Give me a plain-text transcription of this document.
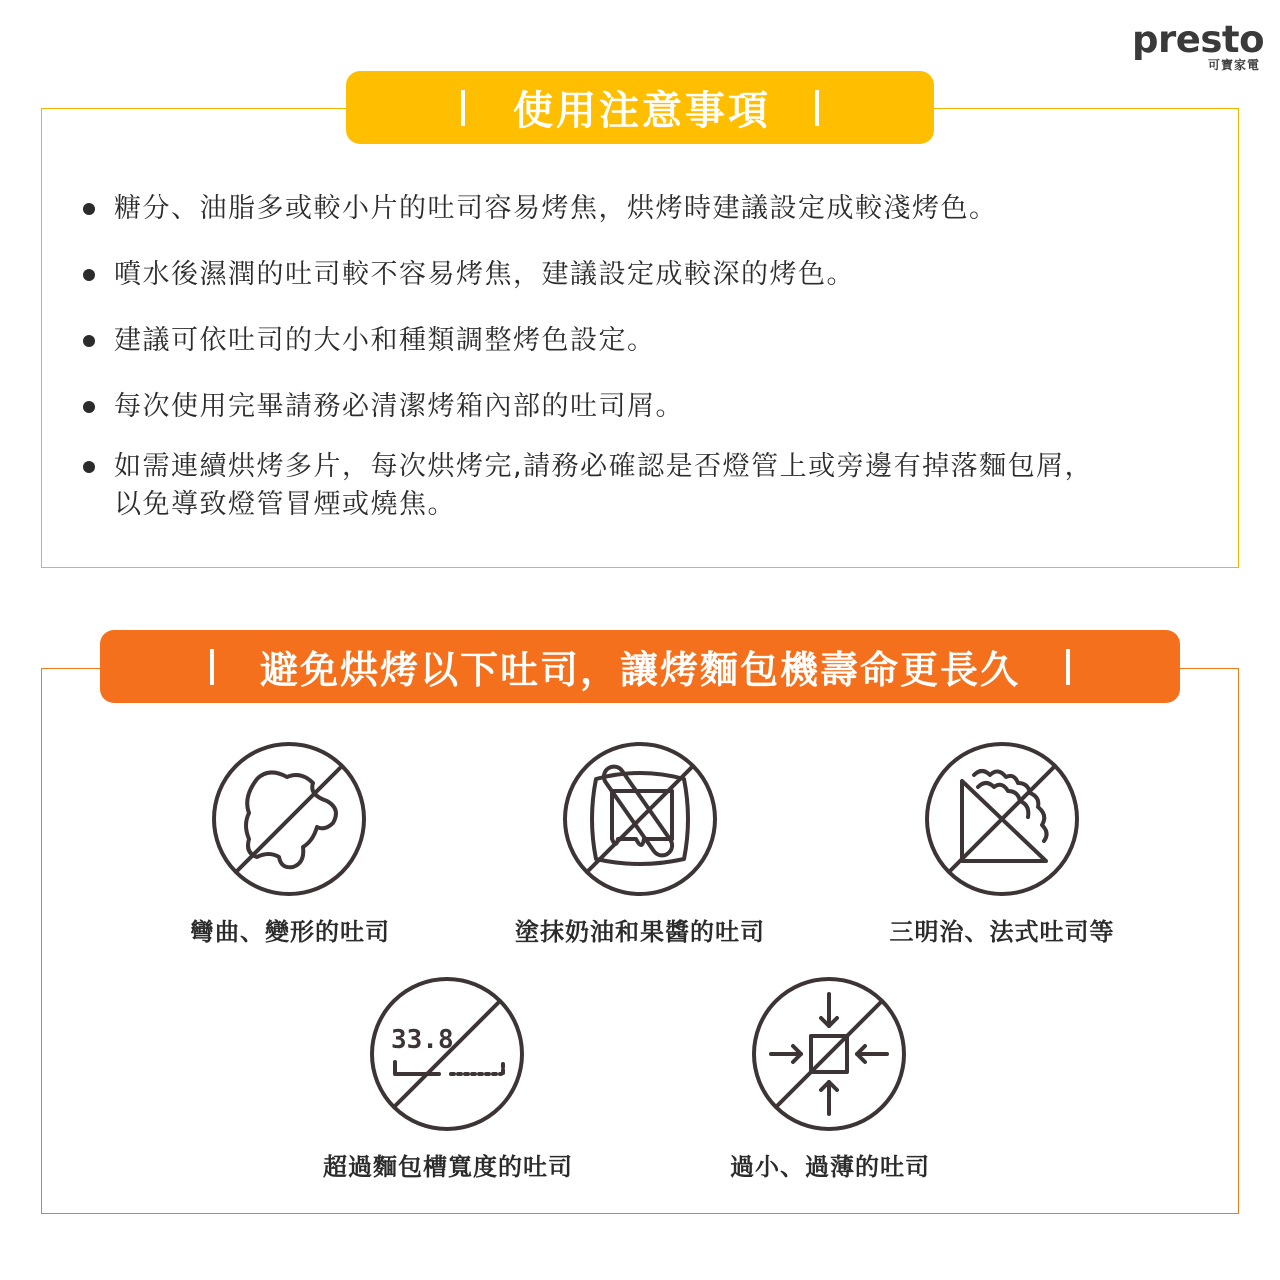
presto
可寶家電
使用注意事項
糖分、油脂多或較小片的吐司容易烤焦，烘烤時建議設定成較淺烤色。
噴水後濕潤的吐司較不容易烤焦，建議設定成較深的烤色。
建議可依吐司的大小和種類調整烤色設定。
每次使用完畢請務必清潔烤箱內部的吐司屑。
如需連續烘烤多片，每次烘烤完,請務必確認是否燈管上或旁邊有掉落麵包屑，
以免導致燈管冒煙或燒焦。
避免烘烤以下吐司，讓烤麵包機壽命更長久
彎曲、變形的吐司	塗抹奶油和果醬的吐司	三明治、法式吐司等
33.8
超過麵包槽寬度的吐司	過小、過薄的吐司
